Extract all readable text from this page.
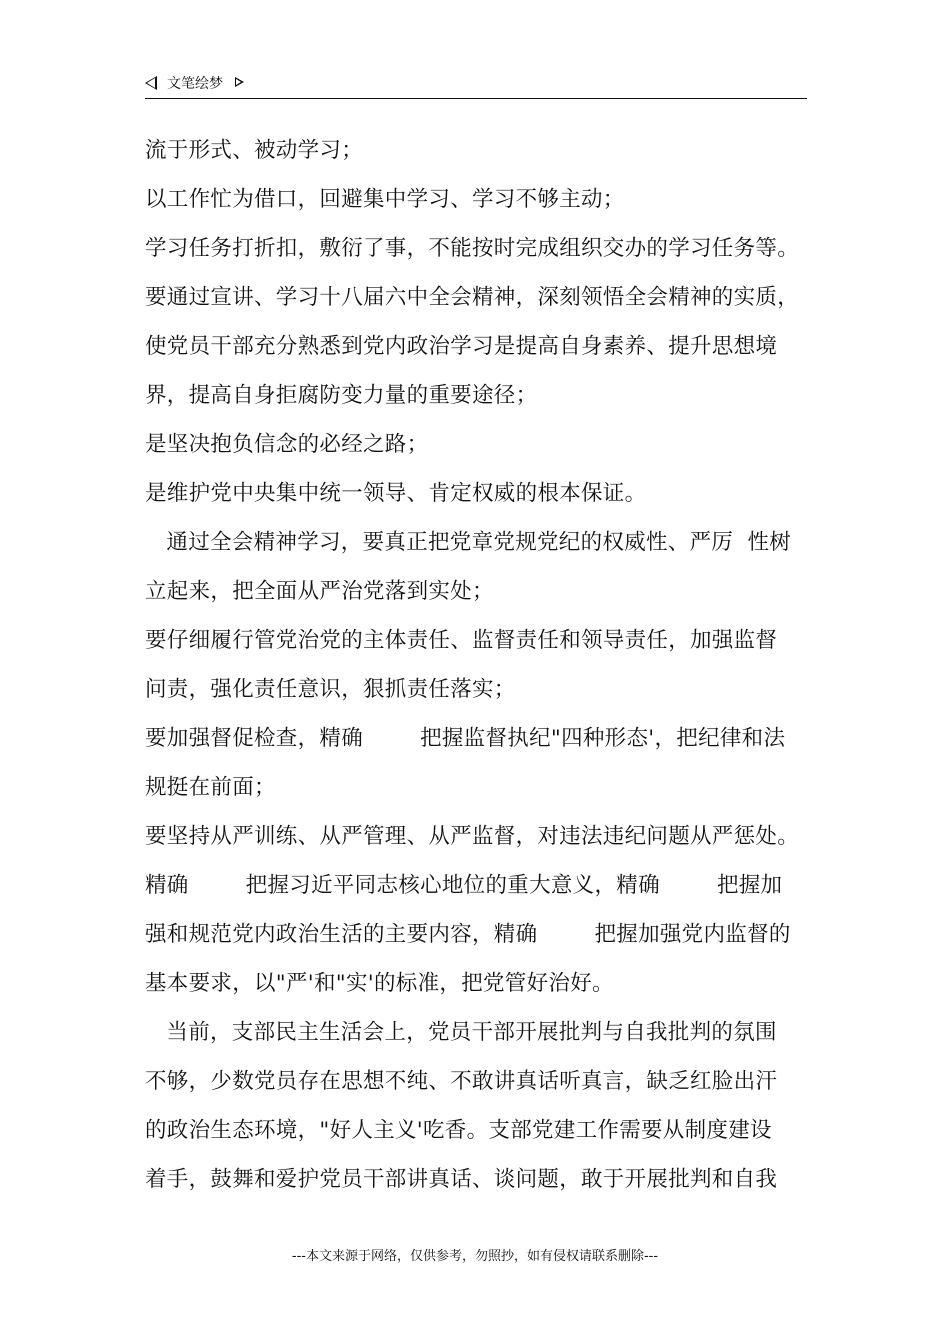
文笔绘梦
流于形式、被动学习；
以工作忙为借口，回避集中学习、学习不够主动；
学习任务打折扣，敷衍了事，不能按时完成组织交办的学习任务等。
要通过宣讲、学习十八届六中全会精神，深刻领悟全会精神的实质，
使党员干部充分熟悉到党内政治学习是提高自身素养、提升思想境
界，提高自身拒腐防变力量的重要途径；
是坚决抱负信念的必经之路；
是维护党中央集中统一领导、肯定权威的根本保证。
通过全会精神学习，要真正把党章党规党纪的权威性、严厉  性树
立起来，把全面从严治党落到实处；
要仔细履行管党治党的主体责任、监督责任和领导责任，加强监督
问责，强化责任意识，狠抓责任落实；
要加强督促检查，精确        把握监督执纪"四种形态'，把纪律和法
规挺在前面；
要坚持从严训练、从严管理、从严监督，对违法违纪问题从严惩处。
精确        把握习近平同志核心地位的重大意义，精确        把握加
强和规范党内政治生活的主要内容，精确        把握加强党内监督的
基本要求，以"严'和"实'的标准，把党管好治好。
当前，支部民主生活会上，党员干部开展批判与自我批判的氛围
不够，少数党员存在思想不纯、不敢讲真话听真言，缺乏红脸出汗
的政治生态环境，"好人主义'吃香。支部党建工作需要从制度建设
着手，鼓舞和爱护党员干部讲真话、谈问题，敢于开展批判和自我
---本文来源于网络，仅供参考，勿照抄，如有侵权请联系删除---
